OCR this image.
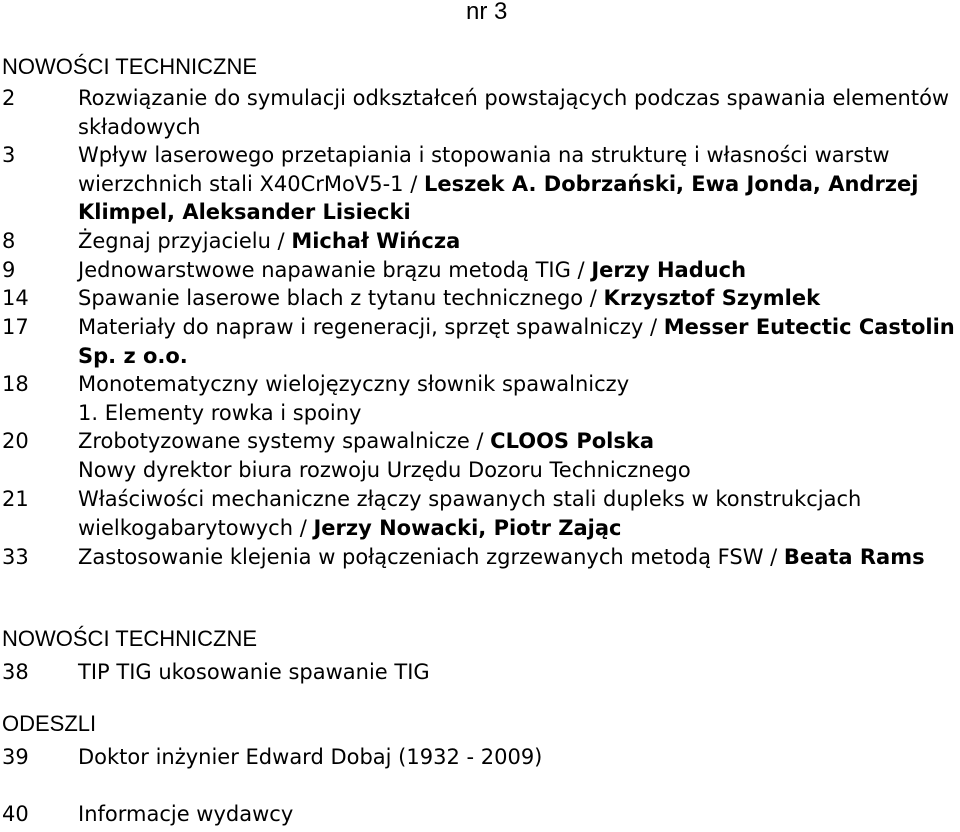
nr 3
NOWOŚCI TECHNICZNE
2	Rozwiązanie do symulacji odkształceń powstających podczas spawania elementów składowych
3	Wpływ laserowego przetapiania i stopowania na strukturę i własności warstw wierzchnich stali X40CrMoV5-1 / Leszek A. Dobrzański, Ewa Jonda, Andrzej Klimpel, Aleksander Lisiecki
8	Żegnaj przyjacielu / Michał Wińcza
9	Jednowarstwowe napawanie brązu metodą TIG / Jerzy Haduch
14 Spawanie laserowe blach z tytanu technicznego / Krzysztof Szymlek
17 Materiały do napraw i regeneracji, sprzęt spawalniczy / Messer Eutectic Castolin Sp. z o.o.
18 Monotematyczny wielojęzyczny słownik spawalniczy
1. Elementy rowka i spoiny
20 Zrobotyzowane systemy spawalnicze / CLOOS Polska
Nowy dyrektor biura rozwoju Urzędu Dozoru Technicznego
21 Właściwości mechaniczne złączy spawanych stali dupleks w konstrukcjach wielkogabarytowych / Jerzy Nowacki, Piotr Zając
33 Zastosowanie klejenia w połączeniach zgrzewanych metodą FSW / Beata Rams
NOWOŚCI TECHNICZNE
38 TIP TIG ukosowanie spawanie TIG
ODESZLI
39 Doktor inżynier Edward Dobaj (1932 - 2009)
40 Informacje wydawcy
